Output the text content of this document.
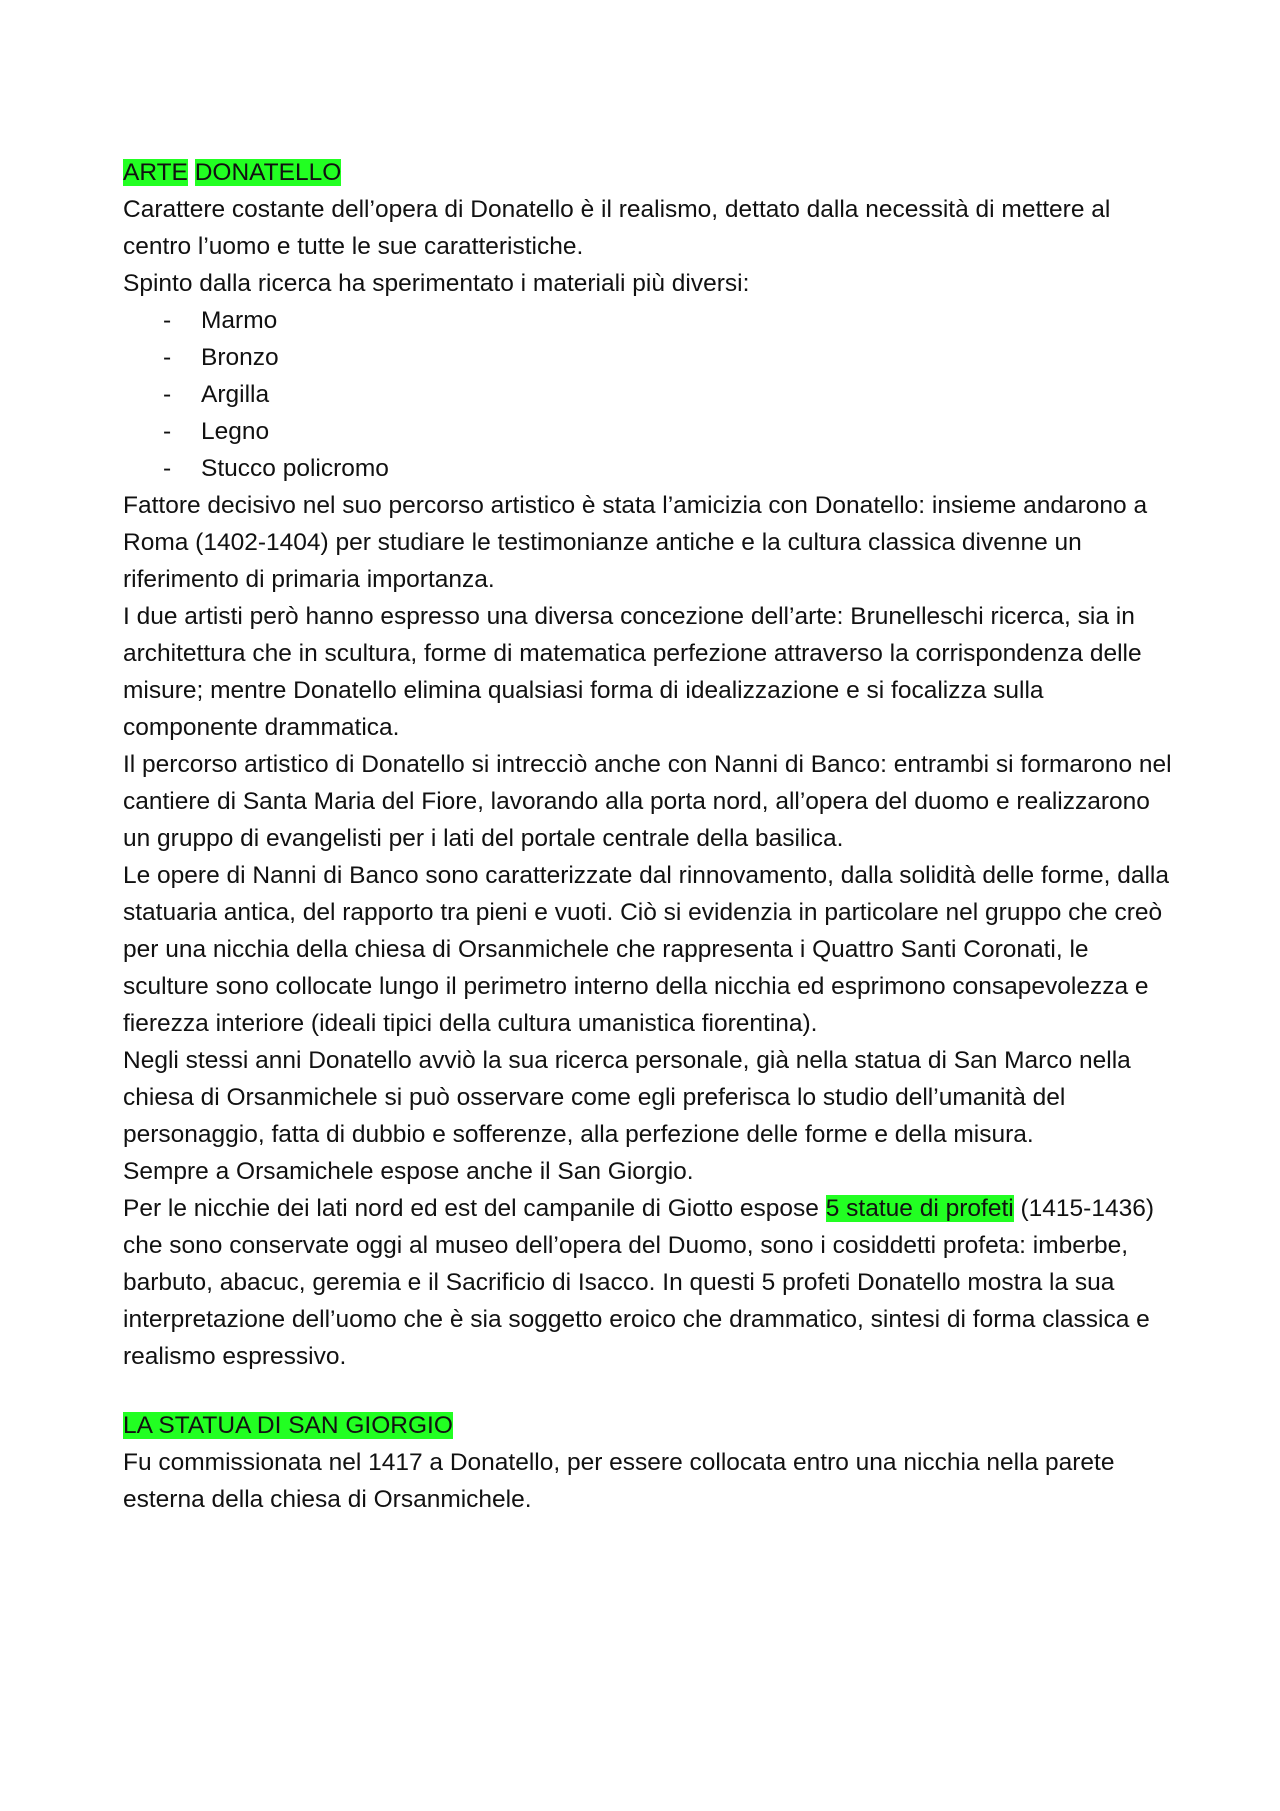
ARTE DONATELLO

Carattere costante dell’opera di Donatello è il realismo, dettato dalla necessità di mettere al centro l’uomo e tutte le sue caratteristiche.

Spinto dalla ricerca ha sperimentato i materiali più diversi:

- Marmo
- Bronzo
- Argilla
- Legno
- Stucco policromo

Fattore decisivo nel suo percorso artistico è stata l’amicizia con Donatello: insieme andarono a Roma (1402-1404) per studiare le testimonianze antiche e la cultura classica divenne un riferimento di primaria importanza.

I due artisti però hanno espresso una diversa concezione dell’arte: Brunelleschi ricerca, sia in architettura che in scultura, forme di matematica perfezione attraverso la corrispondenza delle misure; mentre Donatello elimina qualsiasi forma di idealizzazione e si focalizza sulla componente drammatica.

Il percorso artistico di Donatello si intrecciò anche con Nanni di Banco: entrambi si formarono nel cantiere di Santa Maria del Fiore, lavorando alla porta nord, all’opera del duomo e realizzarono un gruppo di evangelisti per i lati del portale centrale della basilica.

Le opere di Nanni di Banco sono caratterizzate dal rinnovamento, dalla solidità delle forme, dalla statuaria antica, del rapporto tra pieni e vuoti. Ciò si evidenzia in particolare nel gruppo che creò per una nicchia della chiesa di Orsanmichele che rappresenta i Quattro Santi Coronati, le sculture sono collocate lungo il perimetro interno della nicchia ed esprimono consapevolezza e fierezza interiore (ideali tipici della cultura umanistica fiorentina).

Negli stessi anni Donatello avviò la sua ricerca personale, già nella statua di San Marco nella chiesa di Orsanmichele si può osservare come egli preferisca lo studio dell’umanità del personaggio, fatta di dubbio e sofferenze, alla perfezione delle forme e della misura.

Sempre a Orsamichele espose anche il San Giorgio.

Per le nicchie dei lati nord ed est del campanile di Giotto espose 5 statue di profeti (1415-1436) che sono conservate oggi al museo dell’opera del Duomo, sono i cosiddetti profeta: imberbe, barbuto, abacuc, geremia e il Sacrificio di Isacco. In questi 5 profeti Donatello mostra la sua interpretazione dell’uomo che è sia soggetto eroico che drammatico, sintesi di forma classica e realismo espressivo.

LA STATUA DI SAN GIORGIO

Fu commissionata nel 1417 a Donatello, per essere collocata entro una nicchia nella parete esterna della chiesa di Orsanmichele.
